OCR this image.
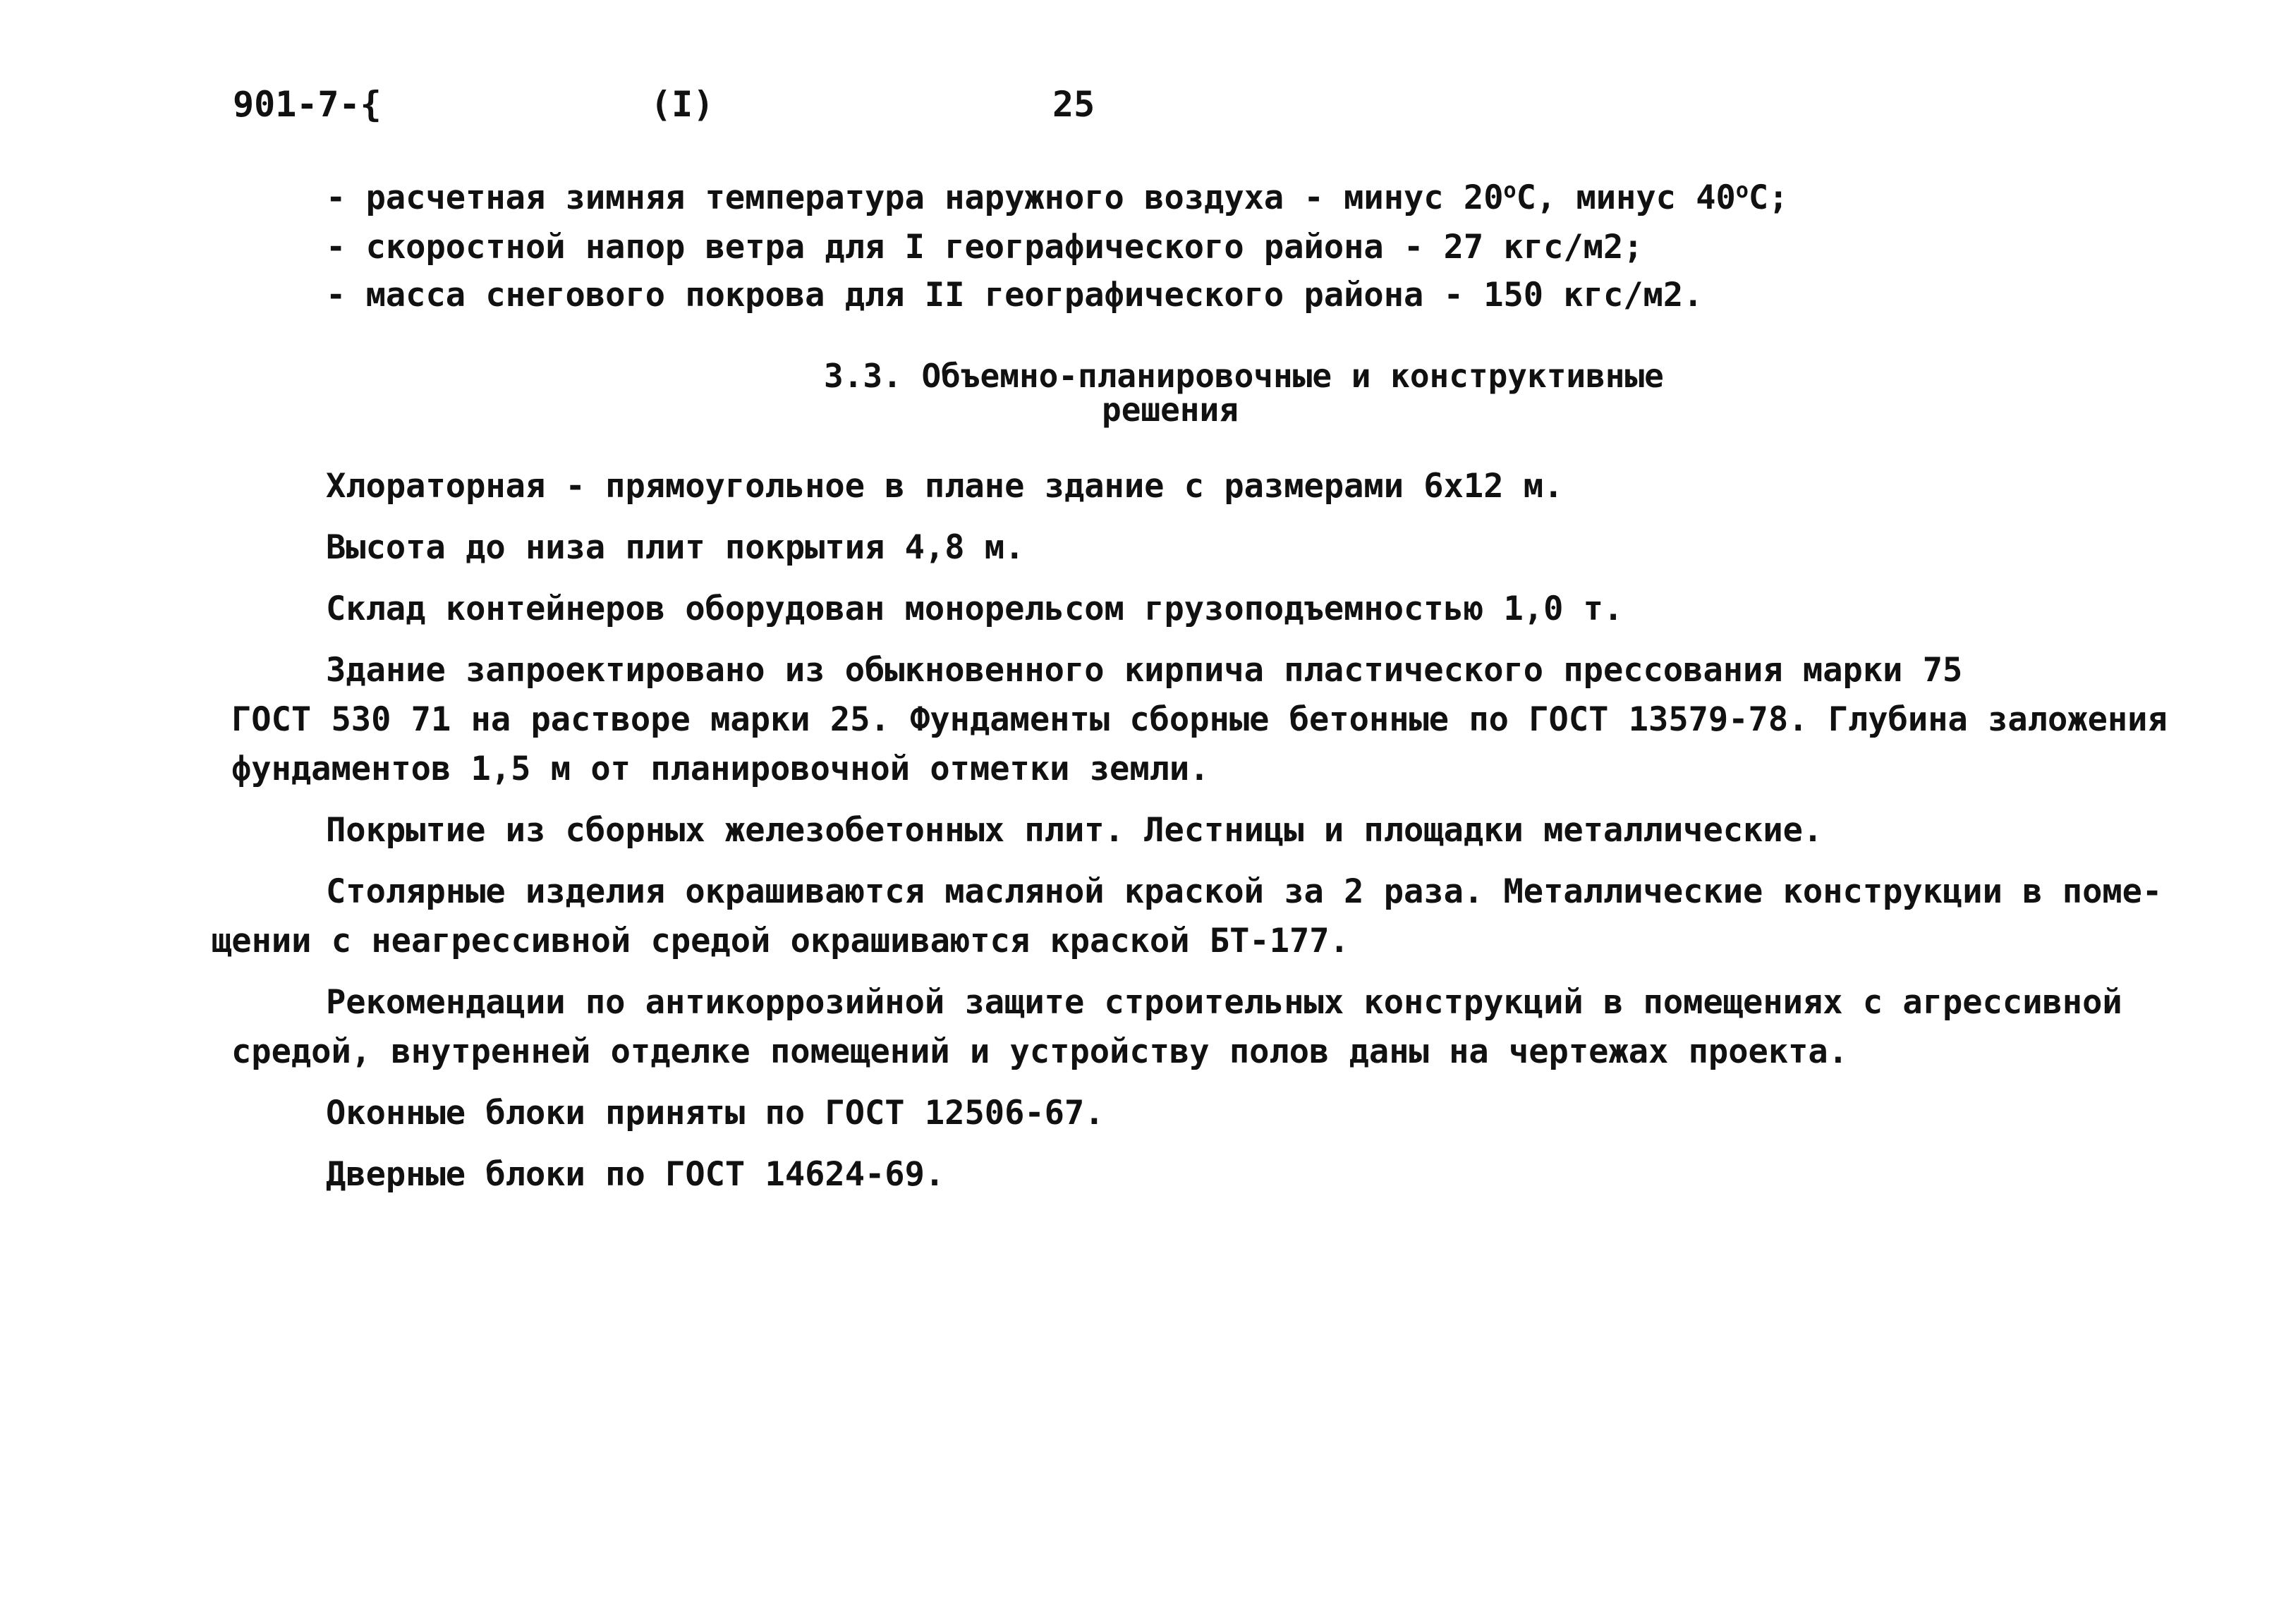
901-7-{	(I)	25
- расчетная зимняя температура наружного воздуха - минус $20^оС$, минус $40^оС$;
- скоростной напор ветра для I географического района - 27 кгс/м2;
- масса снегового покрова для II географического района - 150 кгс/м2.
3.3. Объемно-планировочные и конструктивные
решения
Хлораторная - прямоугольное в плане здание с размерами 6х12 м.
Высота до низа плит покрытия 4,8 м.
Склад контейнеров оборудован монорельсом грузоподъемностью 1,0 т.
Здание запроектировано из обыкновенного кирпича пластического прессования марки 75
ГОСТ 530 71 на растворе марки 25. Фундаменты сборные бетонные по ГОСТ 13579-78. Глубина заложения
фундаментов 1,5 м от планировочной отметки земли.
Покрытие из сборных железобетонных плит. Лестницы и площадки металлические.
Столярные изделия окрашиваются масляной краской за 2 раза. Металлические конструкции в поме-
щении с неагрессивной средой окрашиваются краской БТ-177.
Рекомендации по антикоррозийной защите строительных конструкций в помещениях с агрессивной
средой, внутренней отделке помещений и устройству полов даны на чертежах проекта.
Оконные блоки приняты по ГОСТ 12506-67.
Дверные блоки по ГОСТ 14624-69.
